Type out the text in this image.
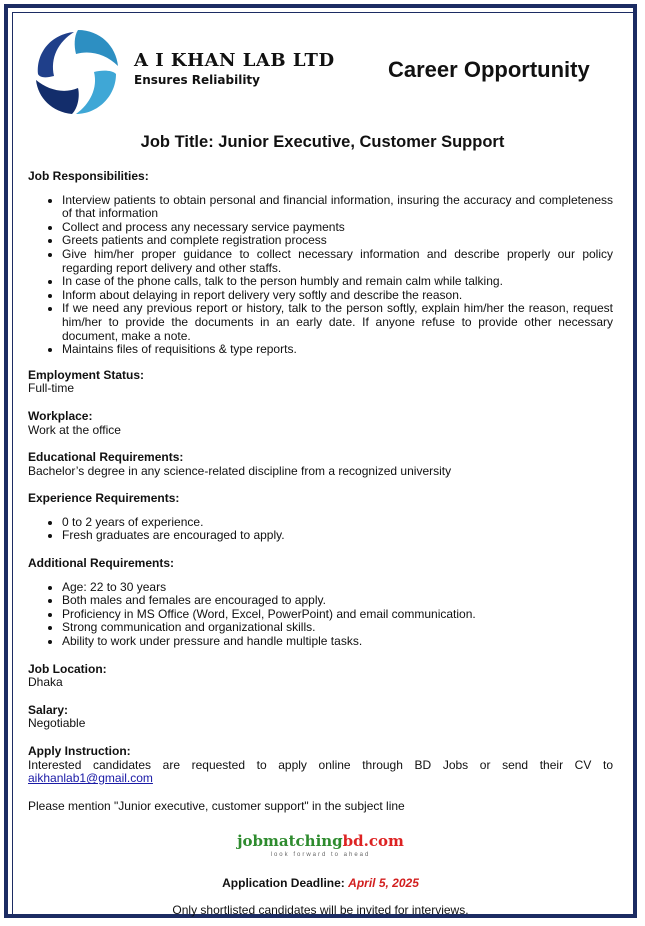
A I KHAN LAB LTD
Ensures Reliability	Career Opportunity
Job Title: Junior Executive, Customer Support
Job Responsibilities:
• Interview patients to obtain personal and financial information, insuring the accuracy and completeness of that information
• Collect and process any necessary service payments
• Greets patients and complete registration process
• Give him/her proper guidance to collect necessary information and describe properly our policy regarding report delivery and other staffs.
• In case of the phone calls, talk to the person humbly and remain calm while talking.
• Inform about delaying in report delivery very softly and describe the reason.
• If we need any previous report or history, talk to the person softly, explain him/her the reason, request him/her to provide the documents in an early date. If anyone refuse to provide other necessary document, make a note.
• Maintains files of requisitions & type reports.
Employment Status:

Full-time

Workplace:

Work at the office

Educational Requirements:

Bachelor’s degree in any science-related discipline from a recognized university

Experience Requirements:
• 0 to 2 years of experience.
• Fresh graduates are encouraged to apply.
Additional Requirements:
• Age: 22 to 30 years
• Both males and females are encouraged to apply.
• Proficiency in MS Office (Word, Excel, PowerPoint) and email communication.
• Strong communication and organizational skills.
• Ability to work under pressure and handle multiple tasks.
Job Location:

Dhaka

Salary:

Negotiable

Apply Instruction:

Interested candidates are requested to apply online through BD Jobs or send their CV to aikhanlab1@gmail.com

Please mention "Junior executive, customer support" in the subject line

jobmatchingbd.com
look forward to ahead
Application Deadline: April 5, 2025
Only shortlisted candidates will be invited for interviews.
